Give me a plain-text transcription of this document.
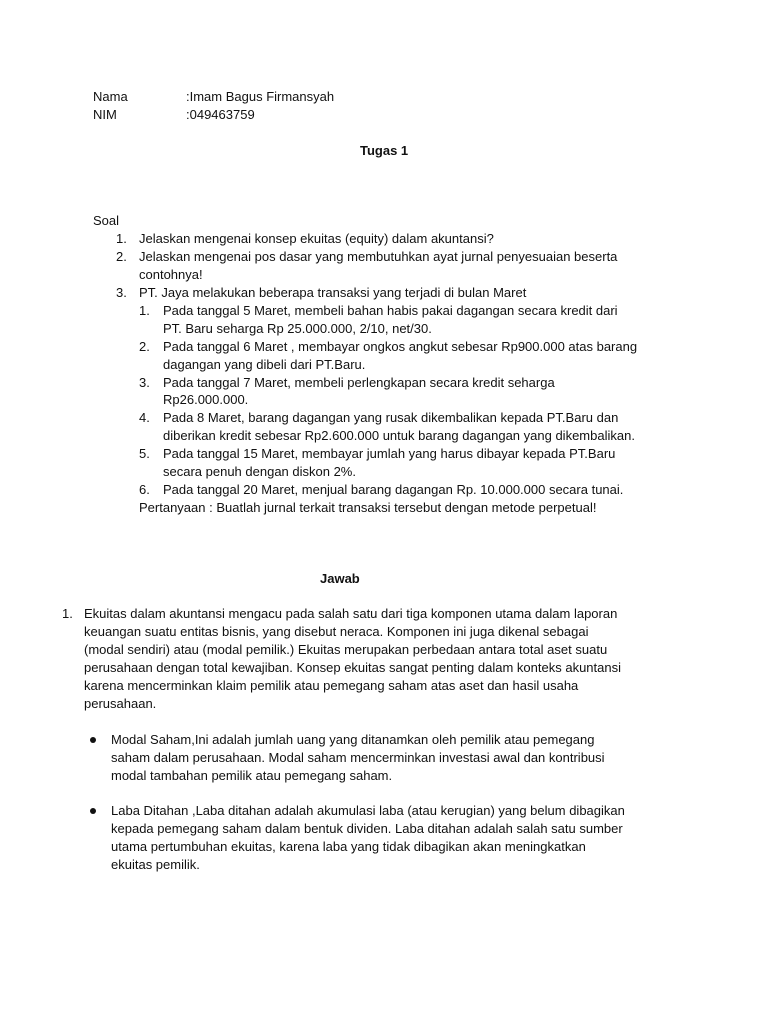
Nama	:Imam Bagus Firmansyah
NIM	:049463759
Tugas 1
Soal
1. Jelaskan mengenai konsep ekuitas (equity) dalam akuntansi?
2. Jelaskan mengenai pos dasar yang membutuhkan ayat jurnal penyesuaian beserta
contohnya!
3. PT. Jaya melakukan beberapa transaksi yang terjadi di bulan Maret
1. Pada tanggal 5 Maret, membeli bahan habis pakai dagangan secara kredit dari
PT. Baru seharga Rp 25.000.000, 2/10, net/30.
2. Pada tanggal 6 Maret , membayar ongkos angkut sebesar Rp900.000 atas barang
dagangan yang dibeli dari PT.Baru.
3. Pada tanggal 7 Maret, membeli perlengkapan secara kredit seharga
Rp26.000.000.
4. Pada 8 Maret, barang dagangan yang rusak dikembalikan kepada PT.Baru dan
diberikan kredit sebesar Rp2.600.000 untuk barang dagangan yang dikembalikan.
5. Pada tanggal 15 Maret, membayar jumlah yang harus dibayar kepada PT.Baru
secara penuh dengan diskon 2%.
6. Pada tanggal 20 Maret, menjual barang dagangan Rp. 10.000.000 secara tunai.
Pertanyaan : Buatlah jurnal terkait transaksi tersebut dengan metode perpetual!
Jawab
1. Ekuitas dalam akuntansi mengacu pada salah satu dari tiga komponen utama dalam laporan
keuangan suatu entitas bisnis, yang disebut neraca. Komponen ini juga dikenal sebagai
(modal sendiri) atau (modal pemilik.) Ekuitas merupakan perbedaan antara total aset suatu
perusahaan dengan total kewajiban. Konsep ekuitas sangat penting dalam konteks akuntansi
karena mencerminkan klaim pemilik atau pemegang saham atas aset dan hasil usaha
perusahaan.
Modal Saham,Ini adalah jumlah uang yang ditanamkan oleh pemilik atau pemegang
saham dalam perusahaan. Modal saham mencerminkan investasi awal dan kontribusi
modal tambahan pemilik atau pemegang saham.
Laba Ditahan ,Laba ditahan adalah akumulasi laba (atau kerugian) yang belum dibagikan
kepada pemegang saham dalam bentuk dividen. Laba ditahan adalah salah satu sumber
utama pertumbuhan ekuitas, karena laba yang tidak dibagikan akan meningkatkan
ekuitas pemilik.
